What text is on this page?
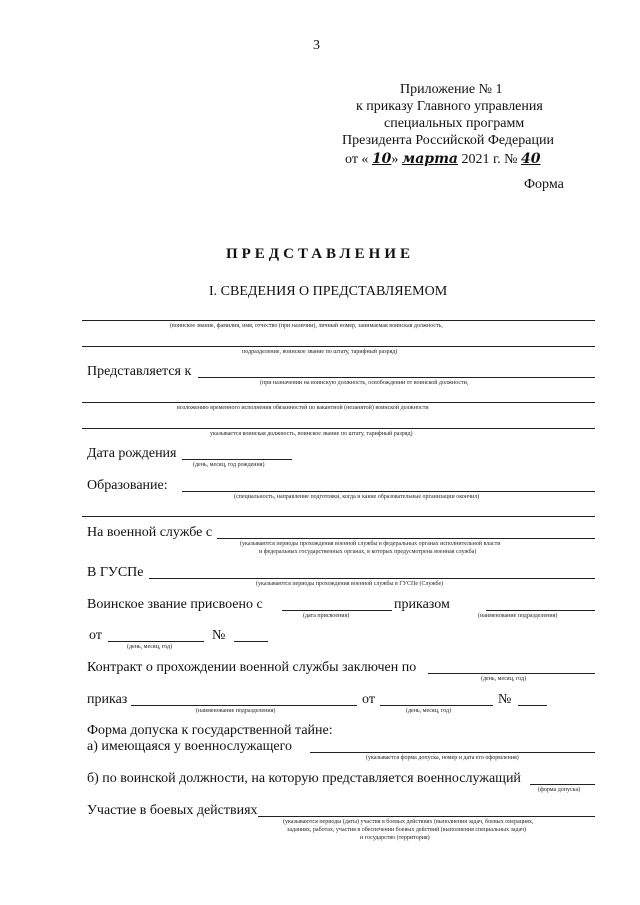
3
Приложение № 1
к приказу Главного управления
специальных программ
Президента Российской Федерации
от « 10» марта 2021 г. № 40
Форма
ПРЕДСТАВЛЕНИЕ
I. СВЕДЕНИЯ О ПРЕДСТАВЛЯЕМОМ
(воинское звание, фамилия, имя, отчество (при наличии), личный номер, занимаемая воинская должность,
подразделение, воинское звание по штату, тарифный разряд)
Представляется к
(при назначении на воинскую должность, освобождении от воинской должности,
возложению временного исполнения обязанностей по вакантной (незанятой) воинской должности
указывается воинская должность, воинское звание по штату, тарифный разряд)
Дата рождения
(день, месяц, год рождения)
Образование:
(специальность, направление подготовки, когда и какие образовательные организации окончил)
На военной службе с
(указываются периоды прохождения военной службы в федеральных органах исполнительной власти
и федеральных государственных органах, в которых предусмотрена военная служба)
В ГУСПе
(указываются периоды прохождения военной службы в ГУСПе (Службе)
Воинское звание присвоено с	приказом
(дата присвоения)	(наименование подразделения)
от	№
(день, месяц, год)
Контракт о прохождении военной службы заключен по
(день, месяц, год)
приказ	от	№
(наименование подразделения)	(день, месяц, год)
Форма допуска к государственной тайне:
а) имеющаяся у военнослужащего
(указывается форма допуска, номер и дата его оформления)
б) по воинской должности, на которую представляется военнослужащий
(форма допуска)
Участие в боевых действиях
(указываются периоды (даты) участия в боевых действиях (выполнения задач, боевых операциях,
заданиях, работах, участия в обеспечении боевых действий (выполнения специальных задач)
и государство (территория)
